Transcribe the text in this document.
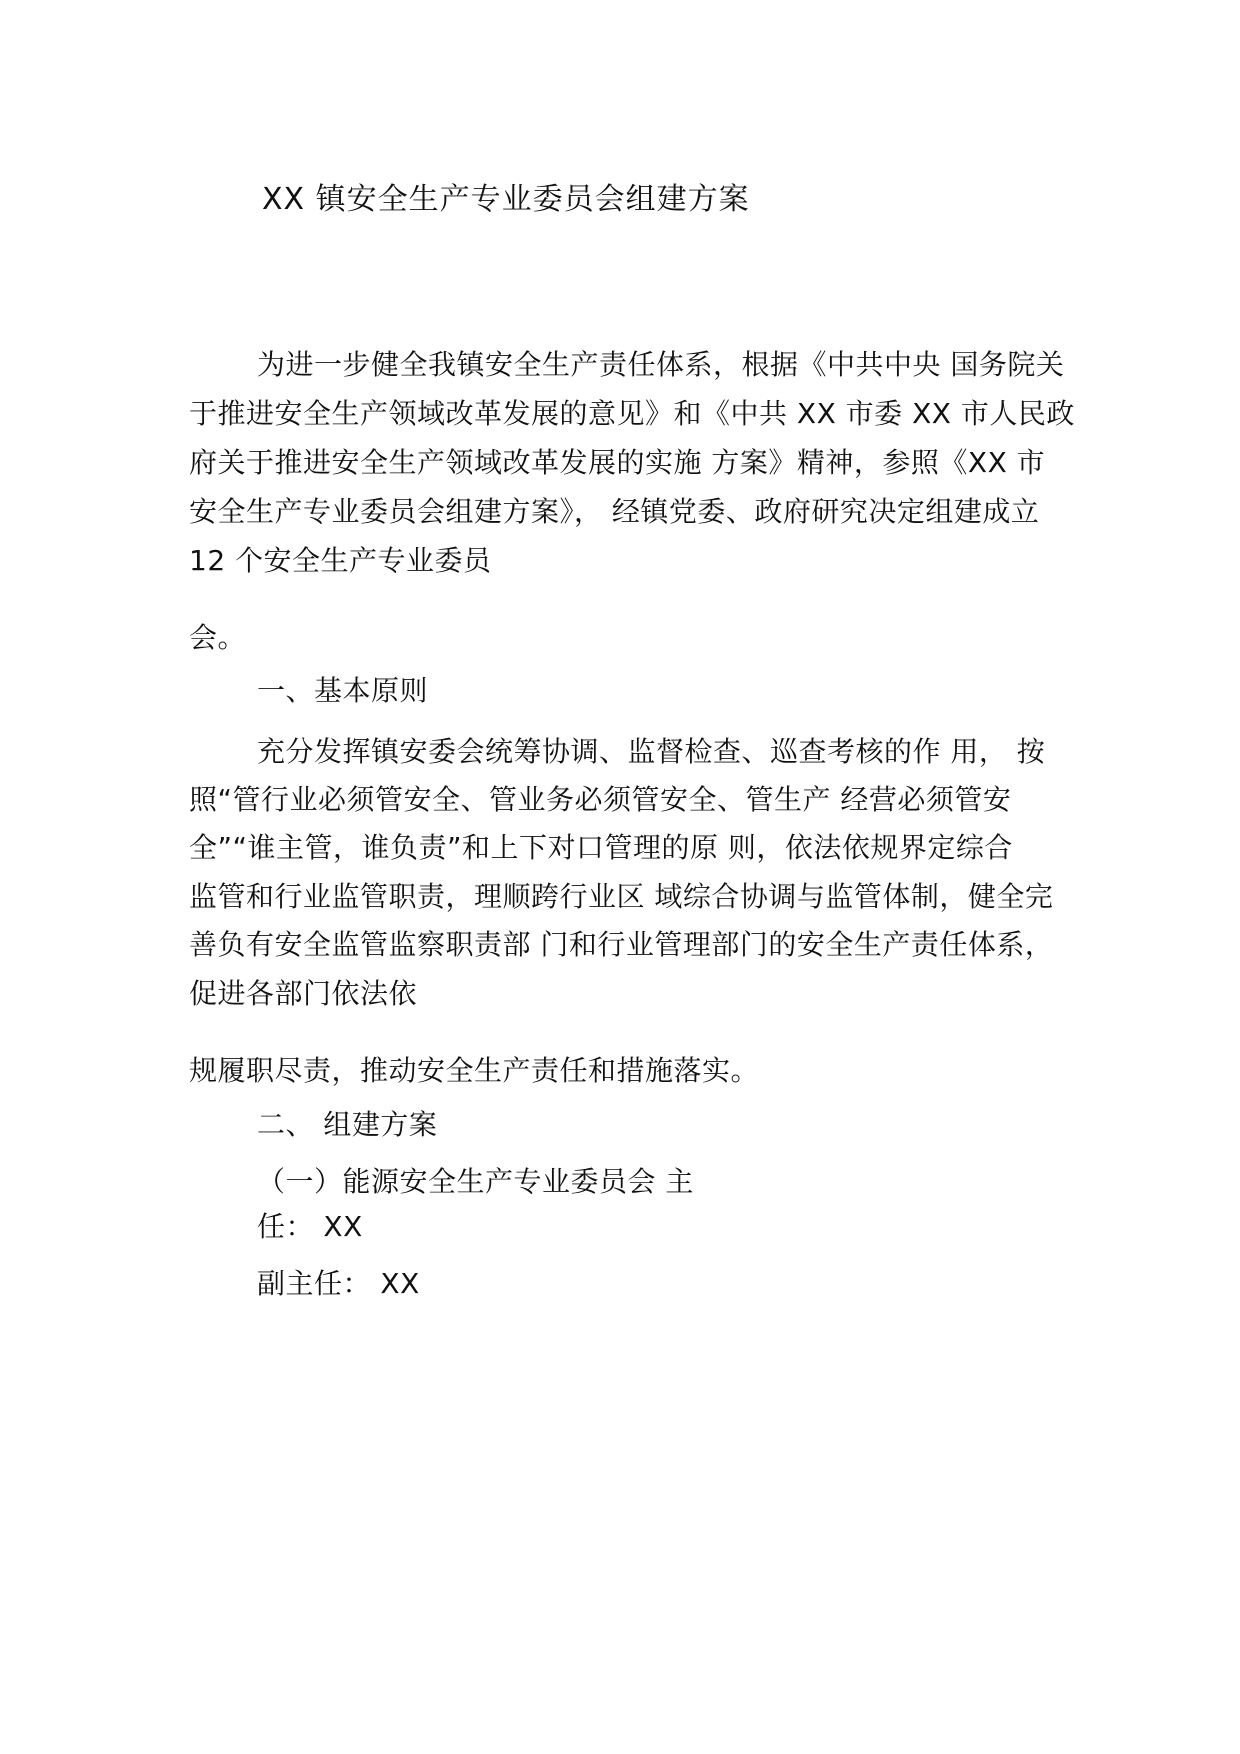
XX 镇安全生产专业委员会组建方案
为进一步健全我镇安全生产责任体系，根据《中共中央 国务院关
于推进安全生产领域改革发展的意见》和《中共 XX 市委 XX 市人民政
府关于推进安全生产领域改革发展的实施 方案》精神，参照《XX 市
安全生产专业委员会组建方案》， 经镇党委、政府研究决定组建成立
12 个安全生产专业委员
会。
一、基本原则
充分发挥镇安委会统筹协调、监督检查、巡查考核的作 用， 按
照“管行业必须管安全、管业务必须管安全、管生产 经营必须管安
全”“谁主管，谁负责”和上下对口管理的原 则，依法依规界定综合
监管和行业监管职责，理顺跨行业区 域综合协调与监管体制，健全完
善负有安全监管监察职责部 门和行业管理部门的安全生产责任体系，
促进各部门依法依
规履职尽责，推动安全生产责任和措施落实。
二、 组建方案
（一）能源安全生产专业委员会 主
任： XX
副主任： XX
